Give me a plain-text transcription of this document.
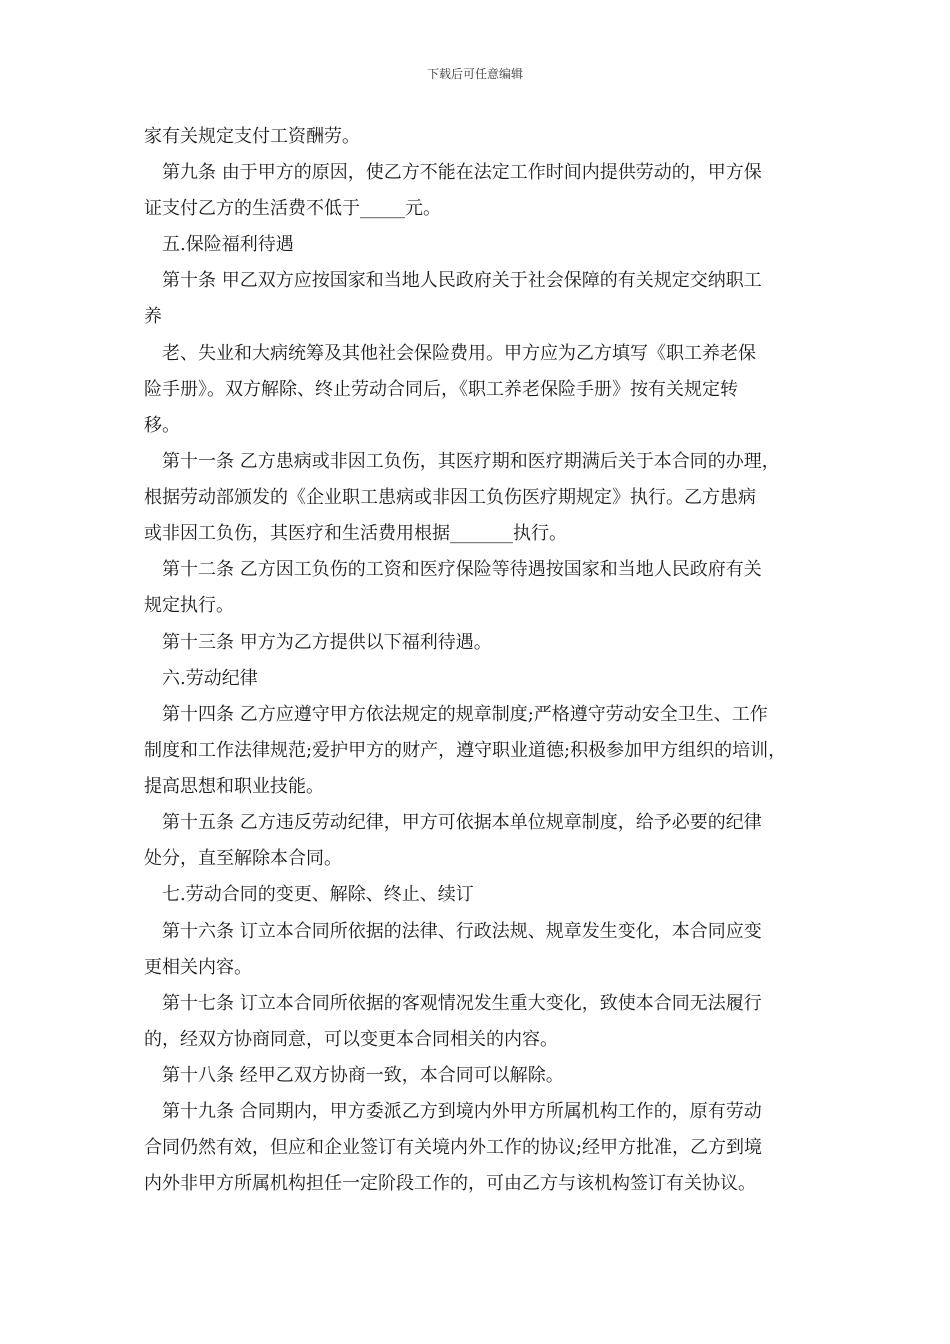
下载后可任意编辑
家有关规定支付工资酬劳。
第九条 由于甲方的原因，使乙方不能在法定工作时间内提供劳动的，甲方保
证支付乙方的生活费不低于_____元。
五.保险福利待遇
第十条 甲乙双方应按国家和当地人民政府关于社会保障的有关规定交纳职工
养
老、失业和大病统筹及其他社会保险费用。甲方应为乙方填写《职工养老保
险手册》。双方解除、终止劳动合同后，《职工养老保险手册》按有关规定转
移。
第十一条 乙方患病或非因工负伤，其医疗期和医疗期满后关于本合同的办理，
根据劳动部颁发的《企业职工患病或非因工负伤医疗期规定》执行。乙方患病
或非因工负伤，其医疗和生活费用根据_______执行。
第十二条 乙方因工负伤的工资和医疗保险等待遇按国家和当地人民政府有关
规定执行。
第十三条 甲方为乙方提供以下福利待遇。
六.劳动纪律
第十四条 乙方应遵守甲方依法规定的规章制度;严格遵守劳动安全卫生、工作
制度和工作法律规范;爱护甲方的财产，遵守职业道德;积极参加甲方组织的培训，
提高思想和职业技能。
第十五条 乙方违反劳动纪律，甲方可依据本单位规章制度，给予必要的纪律
处分，直至解除本合同。
七.劳动合同的变更、解除、终止、续订
第十六条 订立本合同所依据的法律、行政法规、规章发生变化，本合同应变
更相关内容。
第十七条 订立本合同所依据的客观情况发生重大变化，致使本合同无法履行
的，经双方协商同意，可以变更本合同相关的内容。
第十八条 经甲乙双方协商一致，本合同可以解除。
第十九条 合同期内，甲方委派乙方到境内外甲方所属机构工作的，原有劳动
合同仍然有效，但应和企业签订有关境内外工作的协议;经甲方批准，乙方到境
内外非甲方所属机构担任一定阶段工作的，可由乙方与该机构签订有关协议。
